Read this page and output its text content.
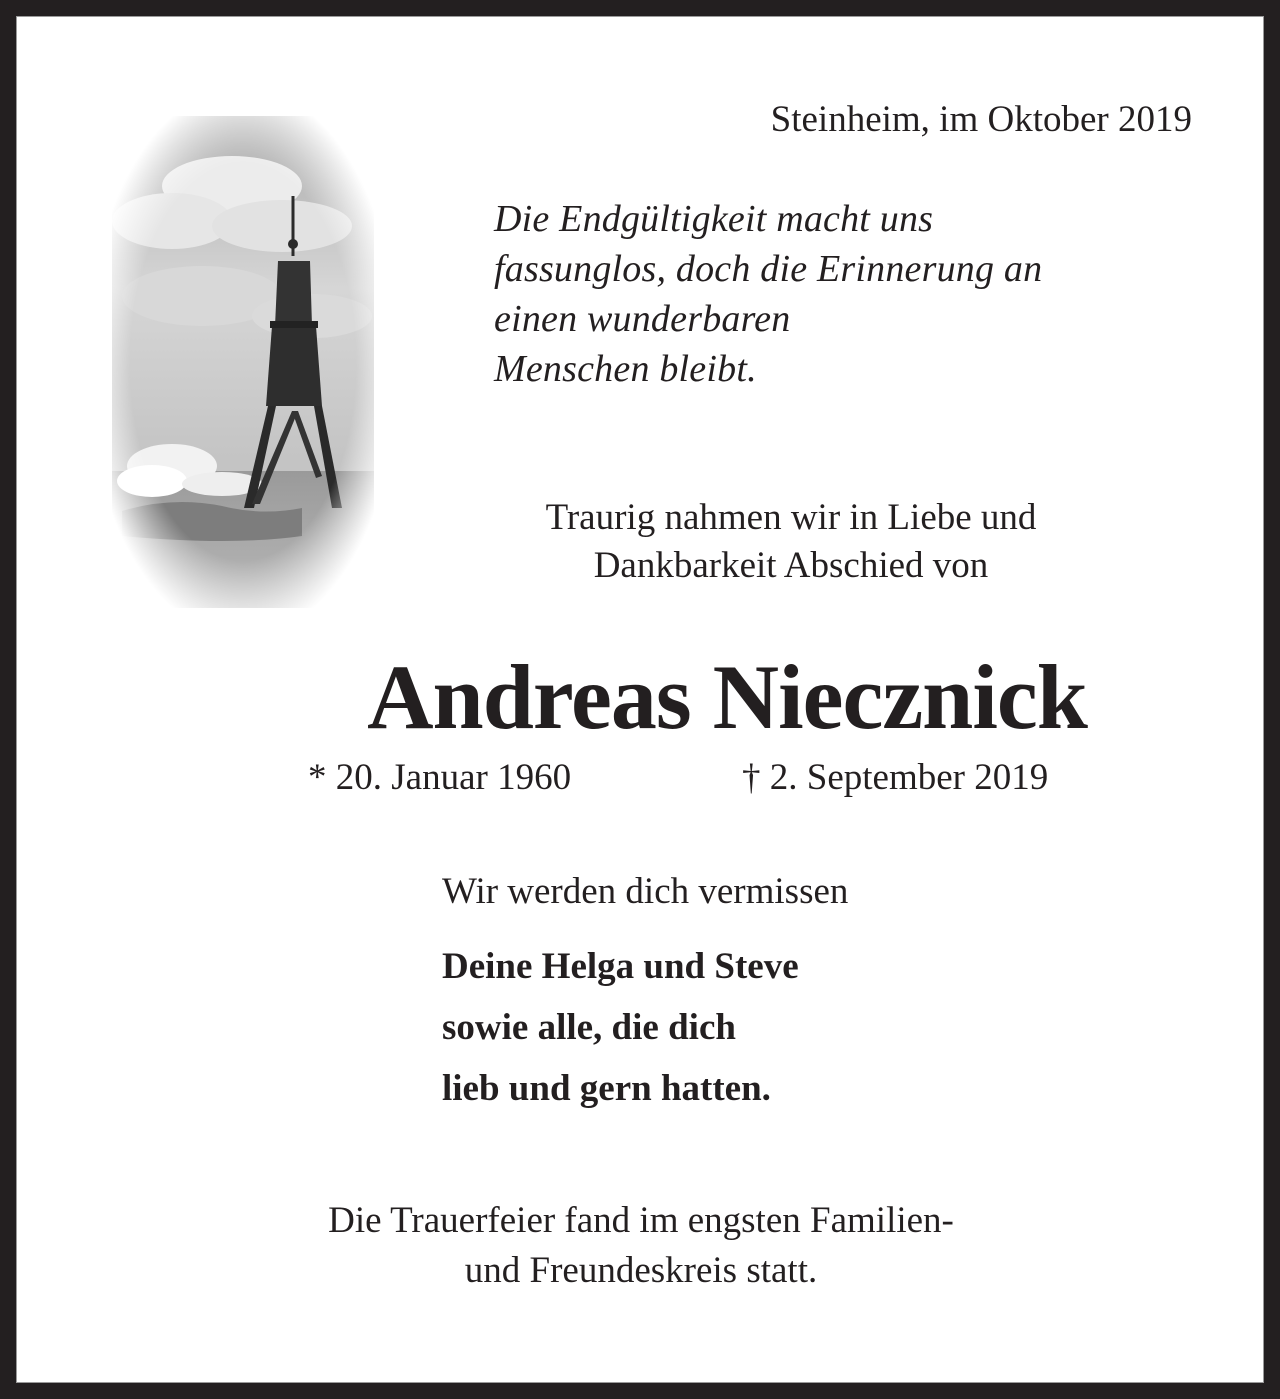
Steinheim, im Oktober 2019
Die Endgültigkeit macht uns
fassunglos, doch die Erinnerung an
einen wunderbaren
Menschen bleibt.
Traurig nahmen wir in Liebe und
Dankbarkeit Abschied von
Andreas Niecznick
* 20. Januar 1960	† 2. September 2019
Wir werden dich vermissen
Deine Helga und Steve
sowie alle, die dich
lieb und gern hatten.
Die Trauerfeier fand im engsten Familien-
und Freundeskreis statt.
